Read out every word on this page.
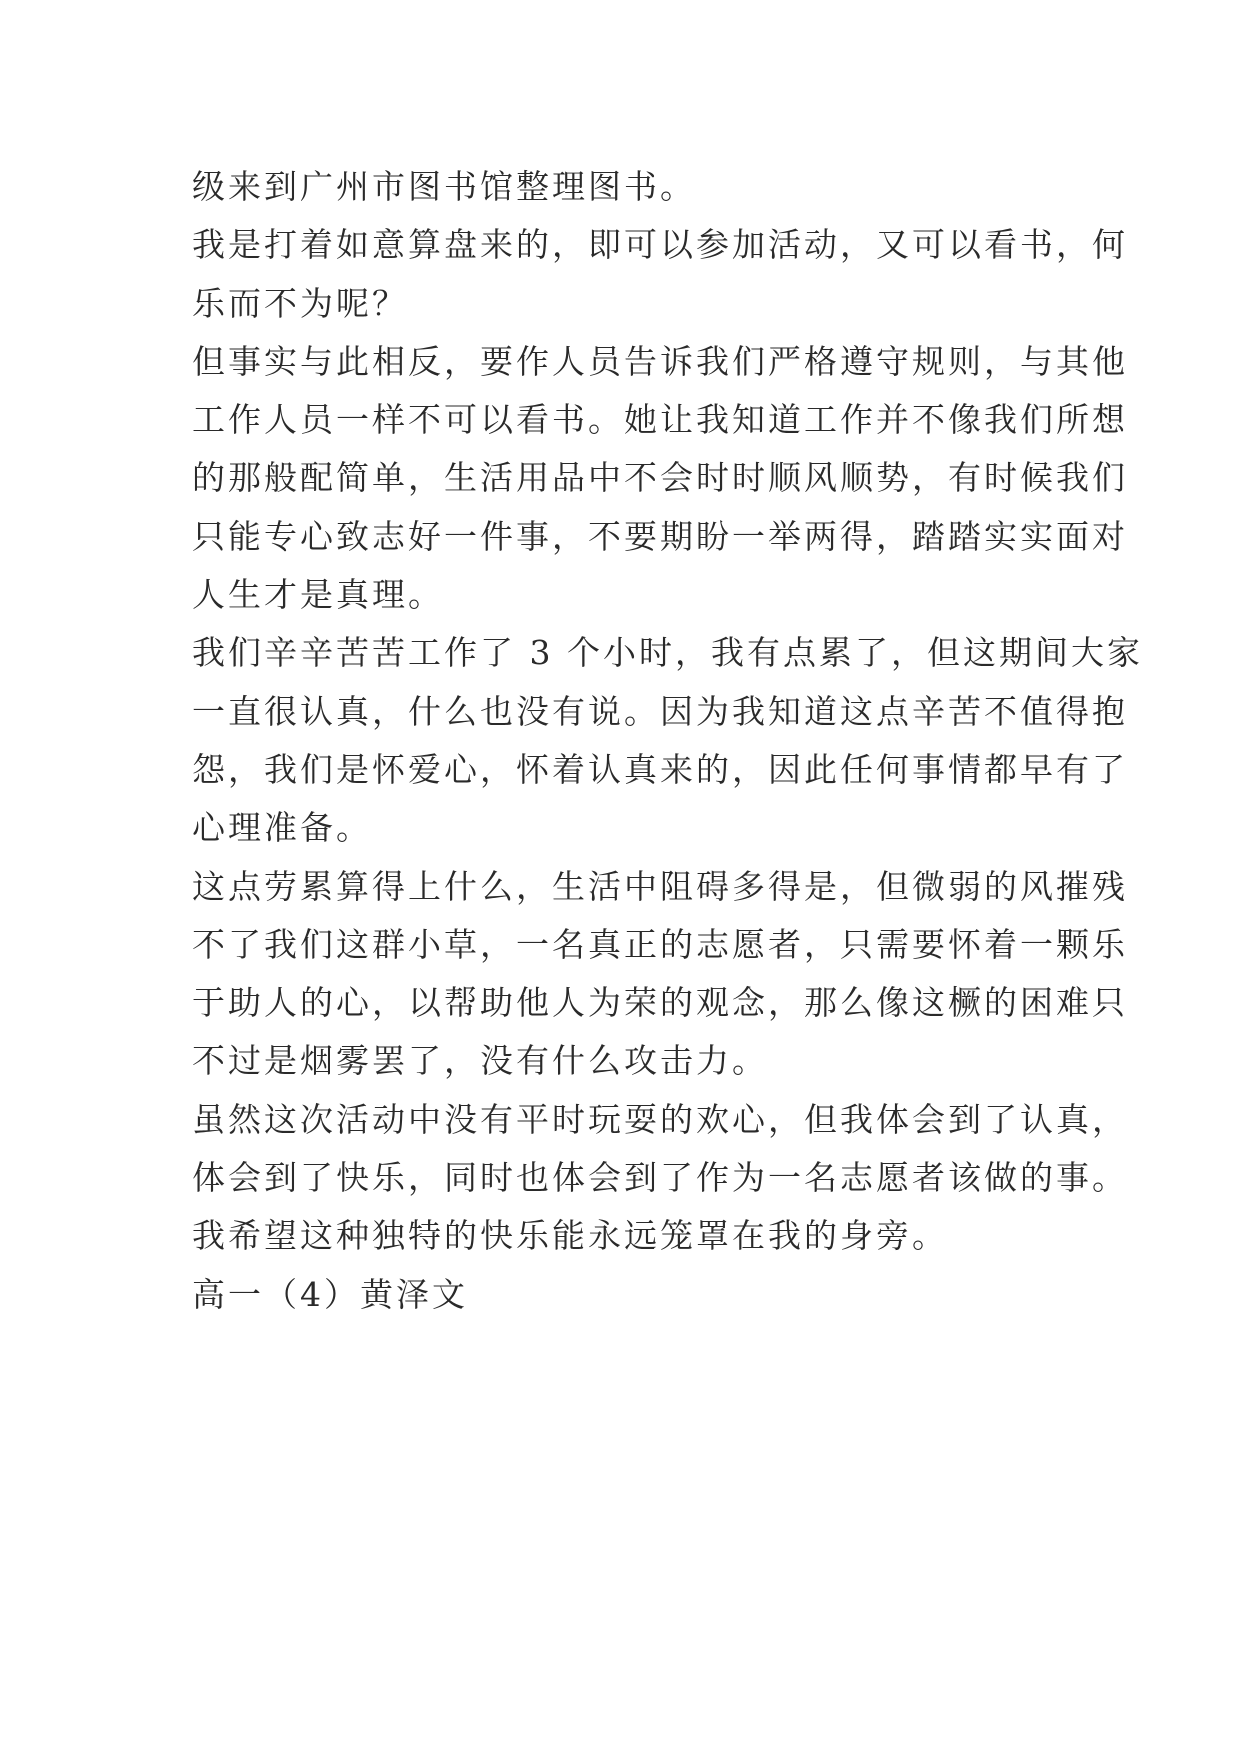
级来到广州市图书馆整理图书。
我是打着如意算盘来的，即可以参加活动，又可以看书，何
乐而不为呢？
但事实与此相反，要作人员告诉我们严格遵守规则，与其他
工作人员一样不可以看书。她让我知道工作并不像我们所想
的那般配简单，生活用品中不会时时顺风顺势，有时候我们
只能专心致志好一件事，不要期盼一举两得，踏踏实实面对
人生才是真理。
我们辛辛苦苦工作了 3 个小时，我有点累了，但这期间大家
一直很认真，什么也没有说。因为我知道这点辛苦不值得抱
怨，我们是怀爱心，怀着认真来的，因此任何事情都早有了
心理准备。
这点劳累算得上什么，生活中阻碍多得是，但微弱的风摧残
不了我们这群小草，一名真正的志愿者，只需要怀着一颗乐
于助人的心，以帮助他人为荣的观念，那么像这橛的困难只
不过是烟雾罢了，没有什么攻击力。
虽然这次活动中没有平时玩耍的欢心，但我体会到了认真，
体会到了快乐，同时也体会到了作为一名志愿者该做的事。
我希望这种独特的快乐能永远笼罩在我的身旁。
高一（4）黄泽文
